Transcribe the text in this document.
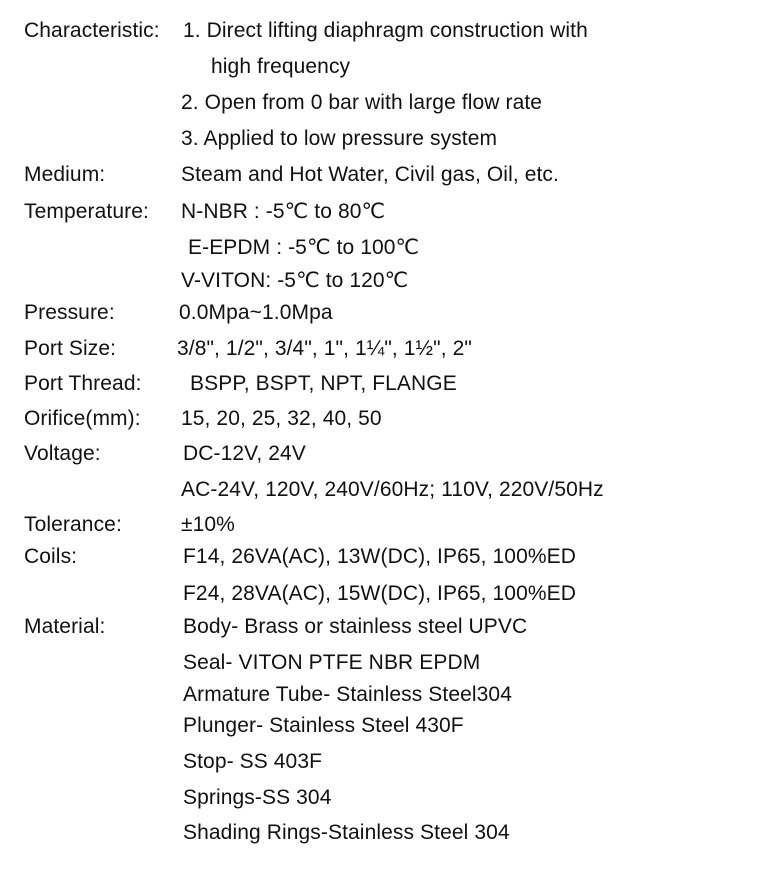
Characteristic: 1. Direct lifting diaphragm construction with
high frequency
2. Open from 0 bar with large flow rate
3. Applied to low pressure system
Medium:	Steam and Hot Water, Civil gas, Oil, etc.
Temperature: N-NBR : -5℃ to 80℃
E-EPDM : -5℃ to 100℃
V-VITON: -5℃ to 120℃
Pressure:	0.0Mpa~1.0Mpa
Port Size:	3/8", 1/2", 3/4", 1", 1¼", 1½", 2"
Port Thread: BSPP, BSPT, NPT, FLANGE
Orifice(mm): 15, 20, 25, 32, 40, 50
Voltage:	DC-12V, 24V
AC-24V, 120V, 240V/60Hz; 110V, 220V/50Hz
Tolerance:	±10%
Coils:	F14, 26VA(AC), 13W(DC), IP65, 100%ED
F24, 28VA(AC), 15W(DC), IP65, 100%ED
Material:	Body- Brass or stainless steel UPVC
Seal- VITON PTFE NBR EPDM
Armature Tube- Stainless Steel304
Plunger- Stainless Steel 430F
Stop- SS 403F
Springs-SS 304
Shading Rings-Stainless Steel 304
